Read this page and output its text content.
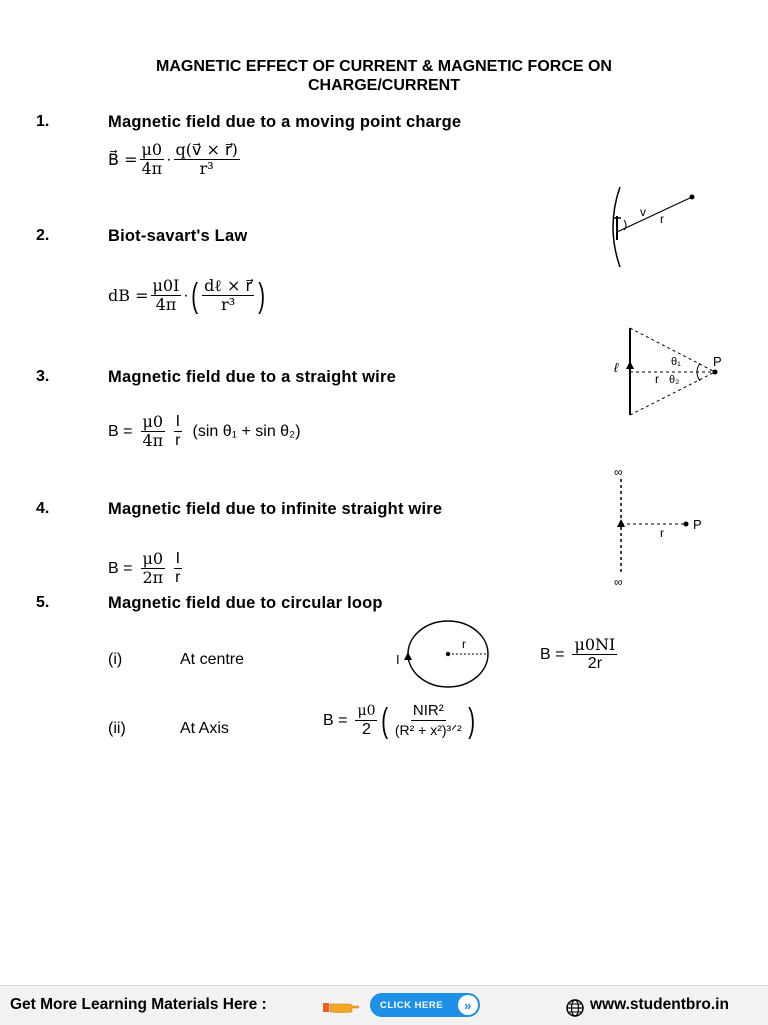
MAGNETIC EFFECT OF CURRENT & MAGNETIC FORCE ON
CHARGE/CURRENT
1.	Magnetic field due to a moving point charge
B⃗ = $\frac{\mu 0}{4\pi} \cdot \frac{q(v⃗ \times r⃗)}{\text{r³}}$
v r
2.	Biot-savart's Law
dB = $\frac{\mu 0I}{4\pi}$ · ( $\frac{\text{dℓ × r⃗}}{\text{r³}}$ )
3.	Magnetic field due to a straight wire
$B = \frac{\mu 0}{4\pi} \frac{I}{r} (\sin$ θ₁ + sin θ₂)
ℓ
r
θ₁
θ₂
P
4.	Magnetic field due to infinite straight wire
$B = \frac{\mu 0}{2\pi} \frac{I}{r}$
∞
r
P
∞
5.	Magnetic field due to circular loop
(i)	At centre
r
I	$B = \frac{\mu 0NI}{2r}$
(ii)	At Axis	$B = \frac{\mu 0}{2}$ ( $\frac{\text{NIR²}}{\text{(R² + x²)³ᐟ²}}$ )
Get More Learning Materials Here :	CLICK HERE	»	www.studentbro.in
